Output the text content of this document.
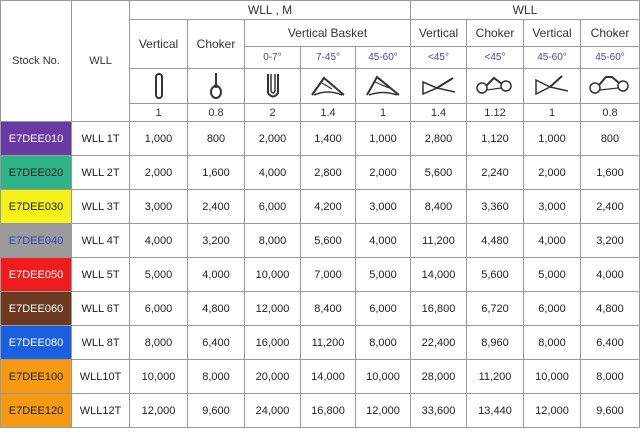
Stock No.	WLL	WLL , M					WLL			
		Vertical	Choker	Vertical Basket			Vertical	Choker	Vertical	Choker
				0-7°	7-45°	45-60°	<45°	<45°	45-60°	45-60°

		1	0.8	2	1.4	1	1.4	1.12	1	0.8
E7DEE010	WLL 1T	1,000	800	2,000	1,400	1,000	2,800	1,120	1,000	800
E7DEE020	WLL 2T	2,000	1,600	4,000	2,800	2,000	5,600	2,240	2,000	1,600
E7DEE030	WLL 3T	3,000	2,400	6,000	4,200	3,000	8,400	3,360	3,000	2,400
E7DEE040	WLL 4T	4,000	3,200	8,000	5,600	4,000	11,200	4,480	4,000	3,200
E7DEE050	WLL 5T	5,000	4,000	10,000	7,000	5,000	14,000	5,600	5,000	4,000
E7DEE060	WLL 6T	6,000	4,800	12,000	8,400	6,000	16,800	6,720	6,000	4,800
E7DEE080	WLL 8T	8,000	6,400	16,000	11,200	8,000	22,400	8,960	8,000	6,400
E7DEE100	WLL10T	10,000	8,000	20,000	14,000	10,000	28,000	11,200	10,000	8,000
E7DEE120	WLL12T	12,000	9,600	24,000	16,800	12,000	33,600	13,440	12,000	9,600
